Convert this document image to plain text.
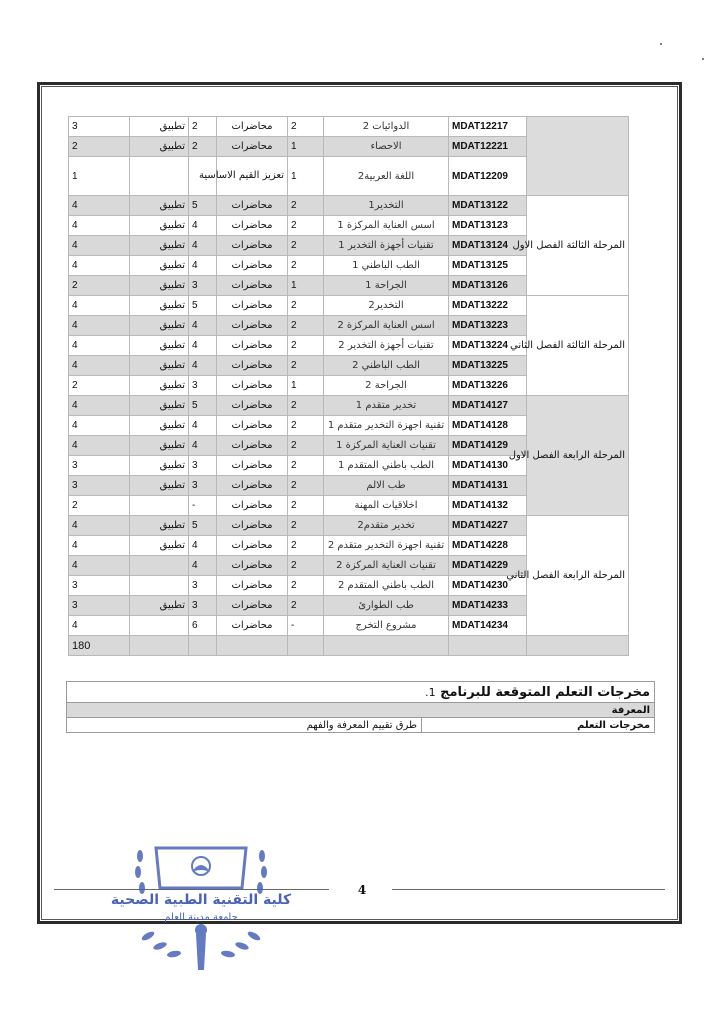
3	تطبيق	2	محاضرات	2	الدوائيات 2	MDAT12217	
2	تطبيق	2	محاضرات	1	الاحصاء	MDAT12221	
1			تعزيز القيم الاساسية	1	اللغة العربية2	MDAT12209	
4	تطبيق	5	محاضرات	2	التخدير1	MDAT13122	المرحلة الثالثة الفصل الاول
4	تطبيق	4	محاضرات	2	اسس العناية المركزة 1	MDAT13123	
4	تطبيق	4	محاضرات	2	تقنيات أجهزة التخدير 1	MDAT13124	
4	تطبيق	4	محاضرات	2	الطب الباطني 1	MDAT13125	
2	تطبيق	3	محاضرات	1	الجراحة 1	MDAT13126	
4	تطبيق	5	محاضرات	2	التخدير2	MDAT13222	المرحلة الثالثة الفصل الثاني
4	تطبيق	4	محاضرات	2	اسس العناية المركزة 2	MDAT13223	
4	تطبيق	4	محاضرات	2	تقنيات أجهزة التخدير 2	MDAT13224	
4	تطبيق	4	محاضرات	2	الطب الباطني 2	MDAT13225	
2	تطبيق	3	محاضرات	1	الجراحة 2	MDAT13226	
4	تطبيق	5	محاضرات	2	تخدير متقدم 1	MDAT14127	المرحلة الرابعة الفصل الاول
4	تطبيق	4	محاضرات	2	تقنية اجهزة التخدير متقدم 1	MDAT14128	
4	تطبيق	4	محاضرات	2	تقنيات العناية المركزة 1	MDAT14129	
3	تطبيق	3	محاضرات	2	الطب باطني المتقدم 1	MDAT14130	
3	تطبيق	3	محاضرات	2	طب الالم	MDAT14131	
2		-	محاضرات	2	اخلاقيات المهنة	MDAT14132	
4	تطبيق	5	محاضرات	2	تخدير متقدم2	MDAT14227	المرحلة الرابعة الفصل الثاني
4	تطبيق	4	محاضرات	2	تقنية اجهزة التخدير متقدم 2	MDAT14228	
4		4	محاضرات	2	تقنيات العناية المركزة 2	MDAT14229	
3		3	محاضرات	2	الطب باطني المتقدم 2	MDAT14230	
3	تطبيق	3	محاضرات	2	طب الطوارئ	MDAT14233	
4		6	محاضرات	-	مشروع التخرج	MDAT14234	
180							
مخرجات التعلم المتوقعة للبرنامج 1.
المعرفة
طرق تقييم المعرفة والفهم	مخرجات التعلم
4
كلية التقنية الطبية الصحية
جامعة مدينة العلم
